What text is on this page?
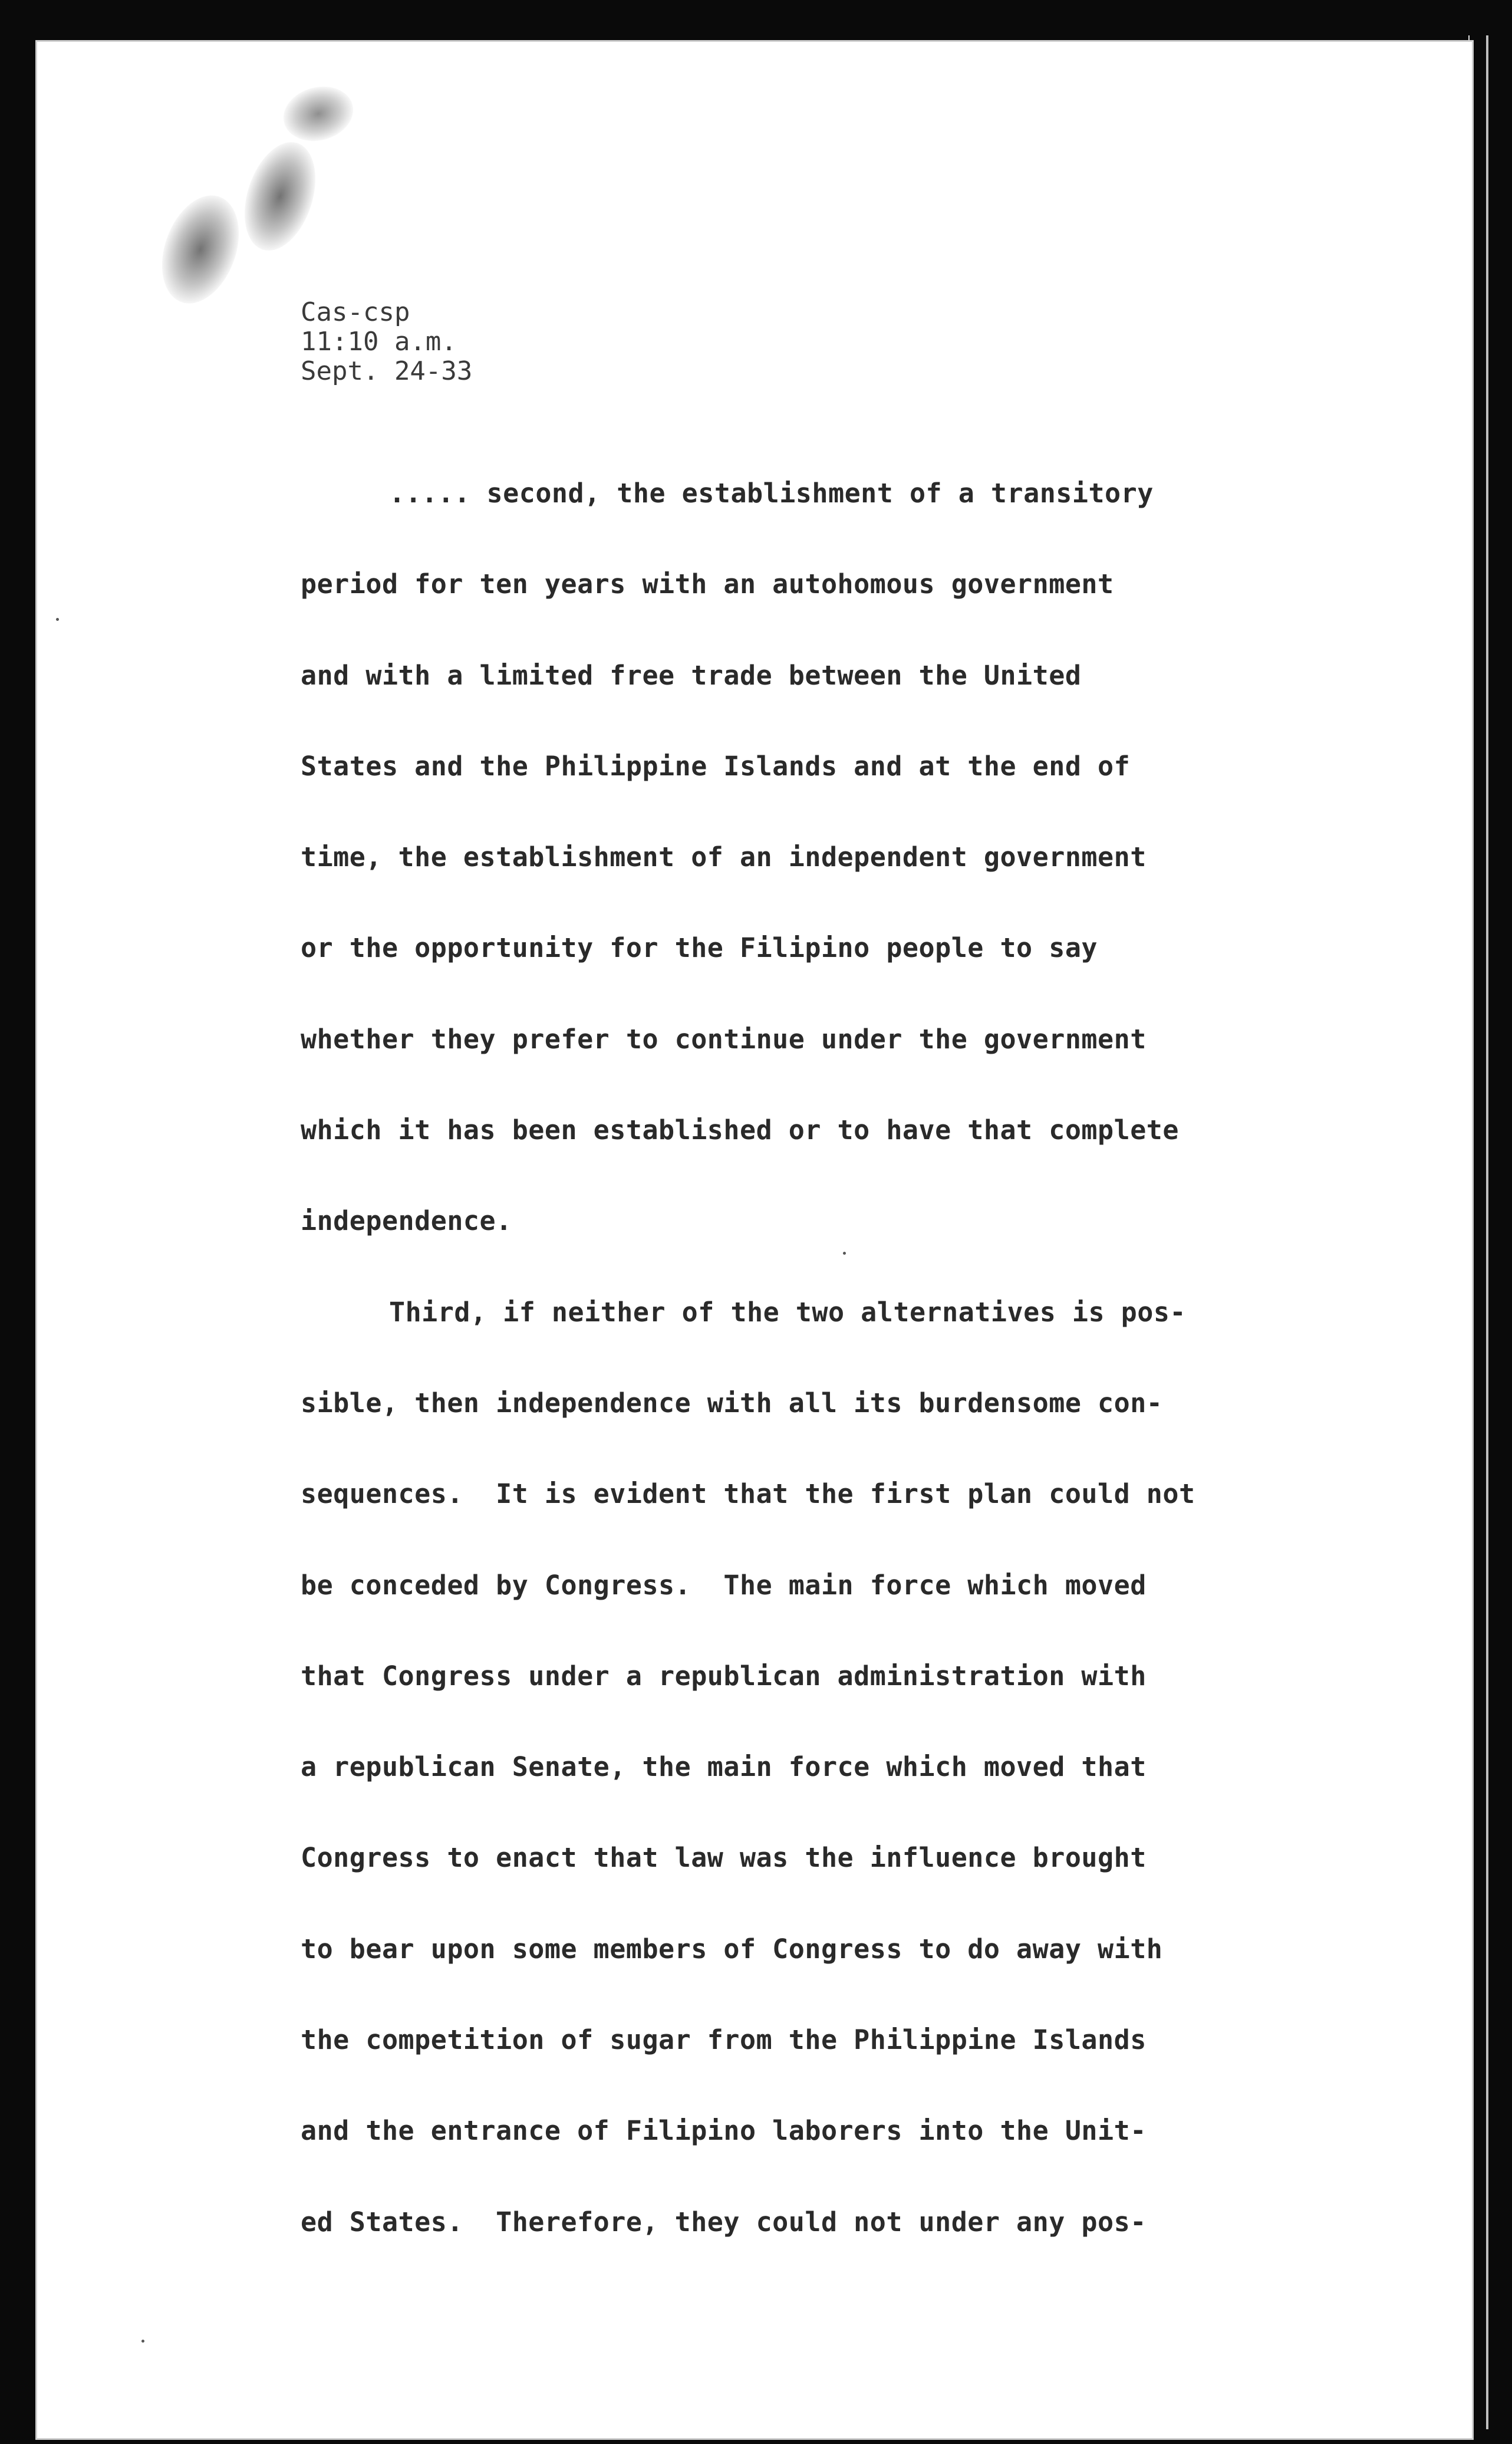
Cas-csp
11:10 a.m.
Sept. 24-33
..... second, the establishment of a transitory
period for ten years with an autohomous government
and with a limited free trade between the United
States and the Philippine Islands and at the end of
time, the establishment of an independent government
or the opportunity for the Filipino people to say
whether they prefer to continue under the government
which it has been established or to have that complete
independence.
Third, if neither of the two alternatives is pos-
sible, then independence with all its burdensome con-
sequences.  It is evident that the first plan could not
be conceded by Congress.  The main force which moved
that Congress under a republican administration with
a republican Senate, the main force which moved that
Congress to enact that law was the influence brought
to bear upon some members of Congress to do away with
the competition of sugar from the Philippine Islands
and the entrance of Filipino laborers into the Unit-
ed States.  Therefore, they could not under any pos-
